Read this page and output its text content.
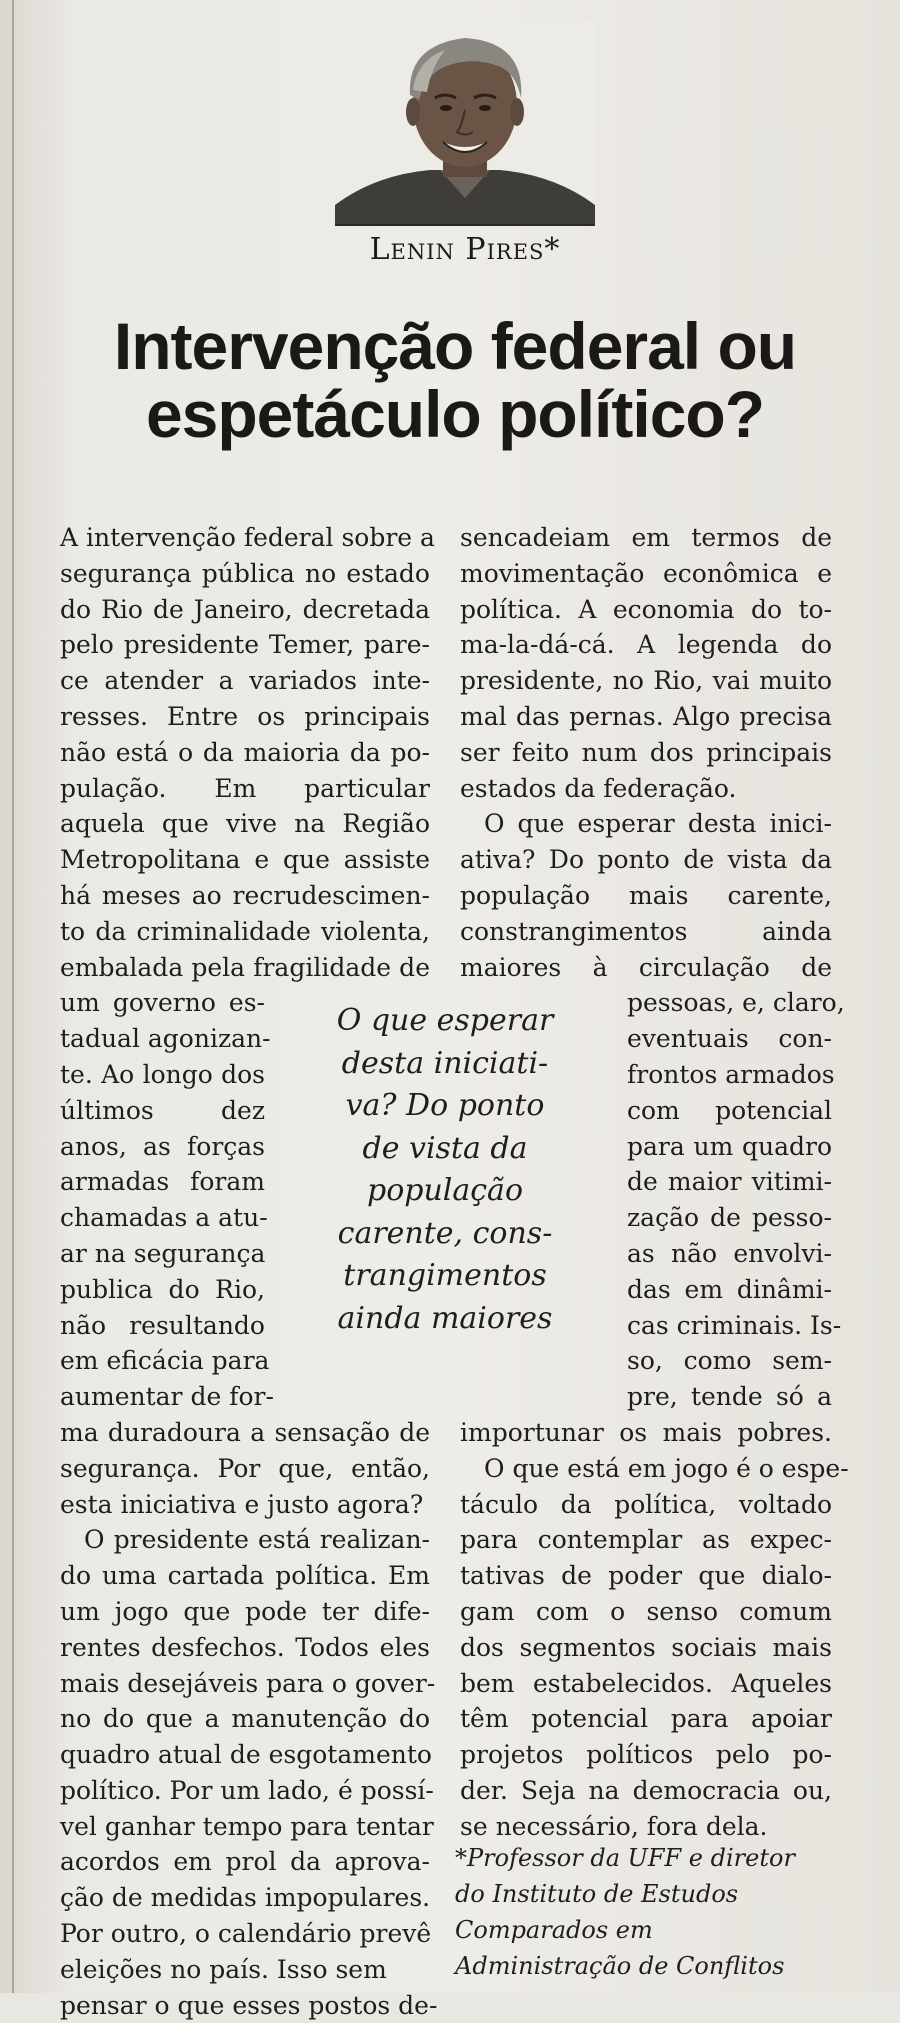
Lenin Pires*
Intervenção federal ou
espetáculo político?
A intervenção federal sobre a
segurança pública no estado
do Rio de Janeiro, decretada
pelo presidente Temer, pare-
ce atender a variados inte-
resses. Entre os principais
não está o da maioria da po-
pulação. Em particular
aquela que vive na Região
Metropolitana e que assiste
há meses ao recrudescimen-
to da criminalidade violenta,
embalada pela fragilidade de
um governo es-
tadual agonizan-
te. Ao longo dos
últimos dez
anos, as forças
armadas foram
chamadas a atu-
ar na segurança
publica do Rio,
não resultando
em eficácia para
aumentar de for-
ma duradoura a sensação de
segurança. Por que, então,
esta iniciativa e justo agora?
O presidente está realizan-
do uma cartada política. Em
um jogo que pode ter dife-
rentes desfechos. Todos eles
mais desejáveis para o gover-
no do que a manutenção do
quadro atual de esgotamento
político. Por um lado, é possí-
vel ganhar tempo para tentar
acordos em prol da aprova-
ção de medidas impopulares.
Por outro, o calendário prevê
eleições no país. Isso sem
pensar o que esses postos de-
sencadeiam em termos de
movimentação econômica e
política. A economia do to-
ma-la-dá-cá. A legenda do
presidente, no Rio, vai muito
mal das pernas. Algo precisa
ser feito num dos principais
estados da federação.
O que esperar desta inici-
ativa? Do ponto de vista da
população mais carente,
constrangimentos ainda
maiores à circulação de
pessoas, e, claro,
eventuais con-
frontos armados
com potencial
para um quadro
de maior vitimi-
zação de pesso-
as não envolvi-
das em dinâmi-
cas criminais. Is-
so, como sem-
pre, tende só a
importunar os mais pobres.
O que está em jogo é o espe-
táculo da política, voltado
para contemplar as expec-
tativas de poder que dialo-
gam com o senso comum
dos segmentos sociais mais
bem estabelecidos. Aqueles
têm potencial para apoiar
projetos políticos pelo po-
der. Seja na democracia ou,
se necessário, fora dela.
O que esperar
desta iniciati-
va? Do ponto
de vista da
população
carente, cons-
trangimentos
ainda maiores
*Professor da UFF e diretor
do Instituto de Estudos
Comparados em
Administração de Conflitos
